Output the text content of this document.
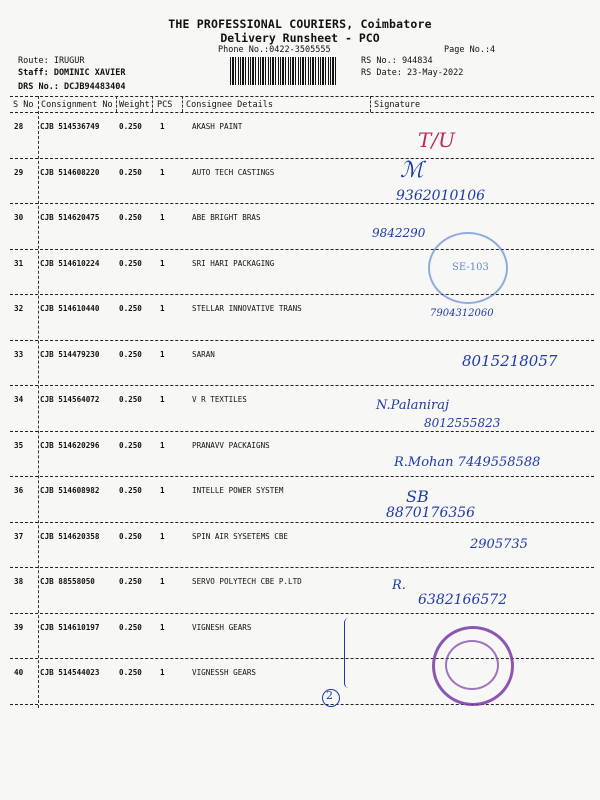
THE PROFESSIONAL COURIERS, Coimbatore
Delivery Runsheet - PCO
Phone No.:0422-3505555	Page No.:4
Route: IRUGUR
Staff: DOMINIC XAVIER
DRS No.: DCJB94483404
RS No.: 944834
RS Date: 23-May-2022
S No Consignment No Weight PCS Consignee Details	Signature
28 CJB 514536749	0.250 1	AKASH PAINT
29 CJB 514608220	0.250 1	AUTO TECH CASTINGS
30 CJB 514620475	0.250 1	ABE BRIGHT BRAS
31 CJB 514610224	0.250 1	SRI HARI PACKAGING
32 CJB 514610440	0.250 1	STELLAR INNOVATIVE TRANS
33 CJB 514479230	0.250 1	SARAN
34 CJB 514564072	0.250 1	V R TEXTILES
35 CJB 514620296	0.250 1	PRANAVV PACKAIGNS
36 CJB 514608982	0.250 1	INTELLE POWER SYSTEM
37 CJB 514620358	0.250 1	SPIN AIR SYSETEMS CBE
38 CJB 88558050	0.250 1	SERVO POLYTECH CBE P.LTD
39 CJB 514610197	0.250 1	VIGNESH GEARS
40 CJB 514544023	0.250 1	VIGNESSH GEARS
T/U
ℳ
9362010106
9842290
SE-103
7904312060
8015218057
N.Palaniraj
8012555823
R.Mohan 7449558588
SB
8870176356
2905735
R.
6382166572
2
